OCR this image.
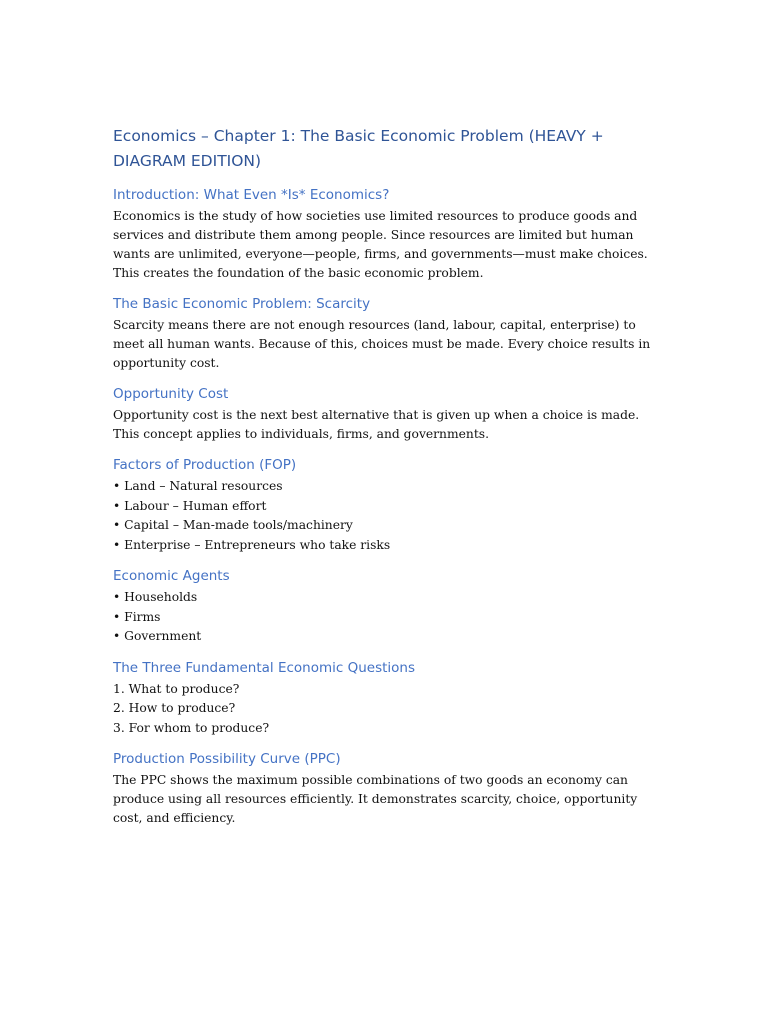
Economics – Chapter 1: The Basic Economic Problem (HEAVY + DIAGRAM EDITION)
Introduction: What Even *Is* Economics?

Economics is the study of how societies use limited resources to produce goods and services and distribute them among people. Since resources are limited but human wants are unlimited, everyone—people, firms, and governments—must make choices. This creates the foundation of the basic economic problem.

The Basic Economic Problem: Scarcity

Scarcity means there are not enough resources (land, labour, capital, enterprise) to meet all human wants. Because of this, choices must be made. Every choice results in opportunity cost.

Opportunity Cost

Opportunity cost is the next best alternative that is given up when a choice is made. This concept applies to individuals, firms, and governments.

Factors of Production (FOP)
• Land – Natural resources
• Labour – Human effort
• Capital – Man-made tools/machinery
• Enterprise – Entrepreneurs who take risks
Economic Agents
• Households
• Firms
• Government
The Three Fundamental Economic Questions
1. What to produce?
2. How to produce?
3. For whom to produce?
Production Possibility Curve (PPC)

The PPC shows the maximum possible combinations of two goods an economy can produce using all resources efficiently. It demonstrates scarcity, choice, opportunity cost, and efficiency.
